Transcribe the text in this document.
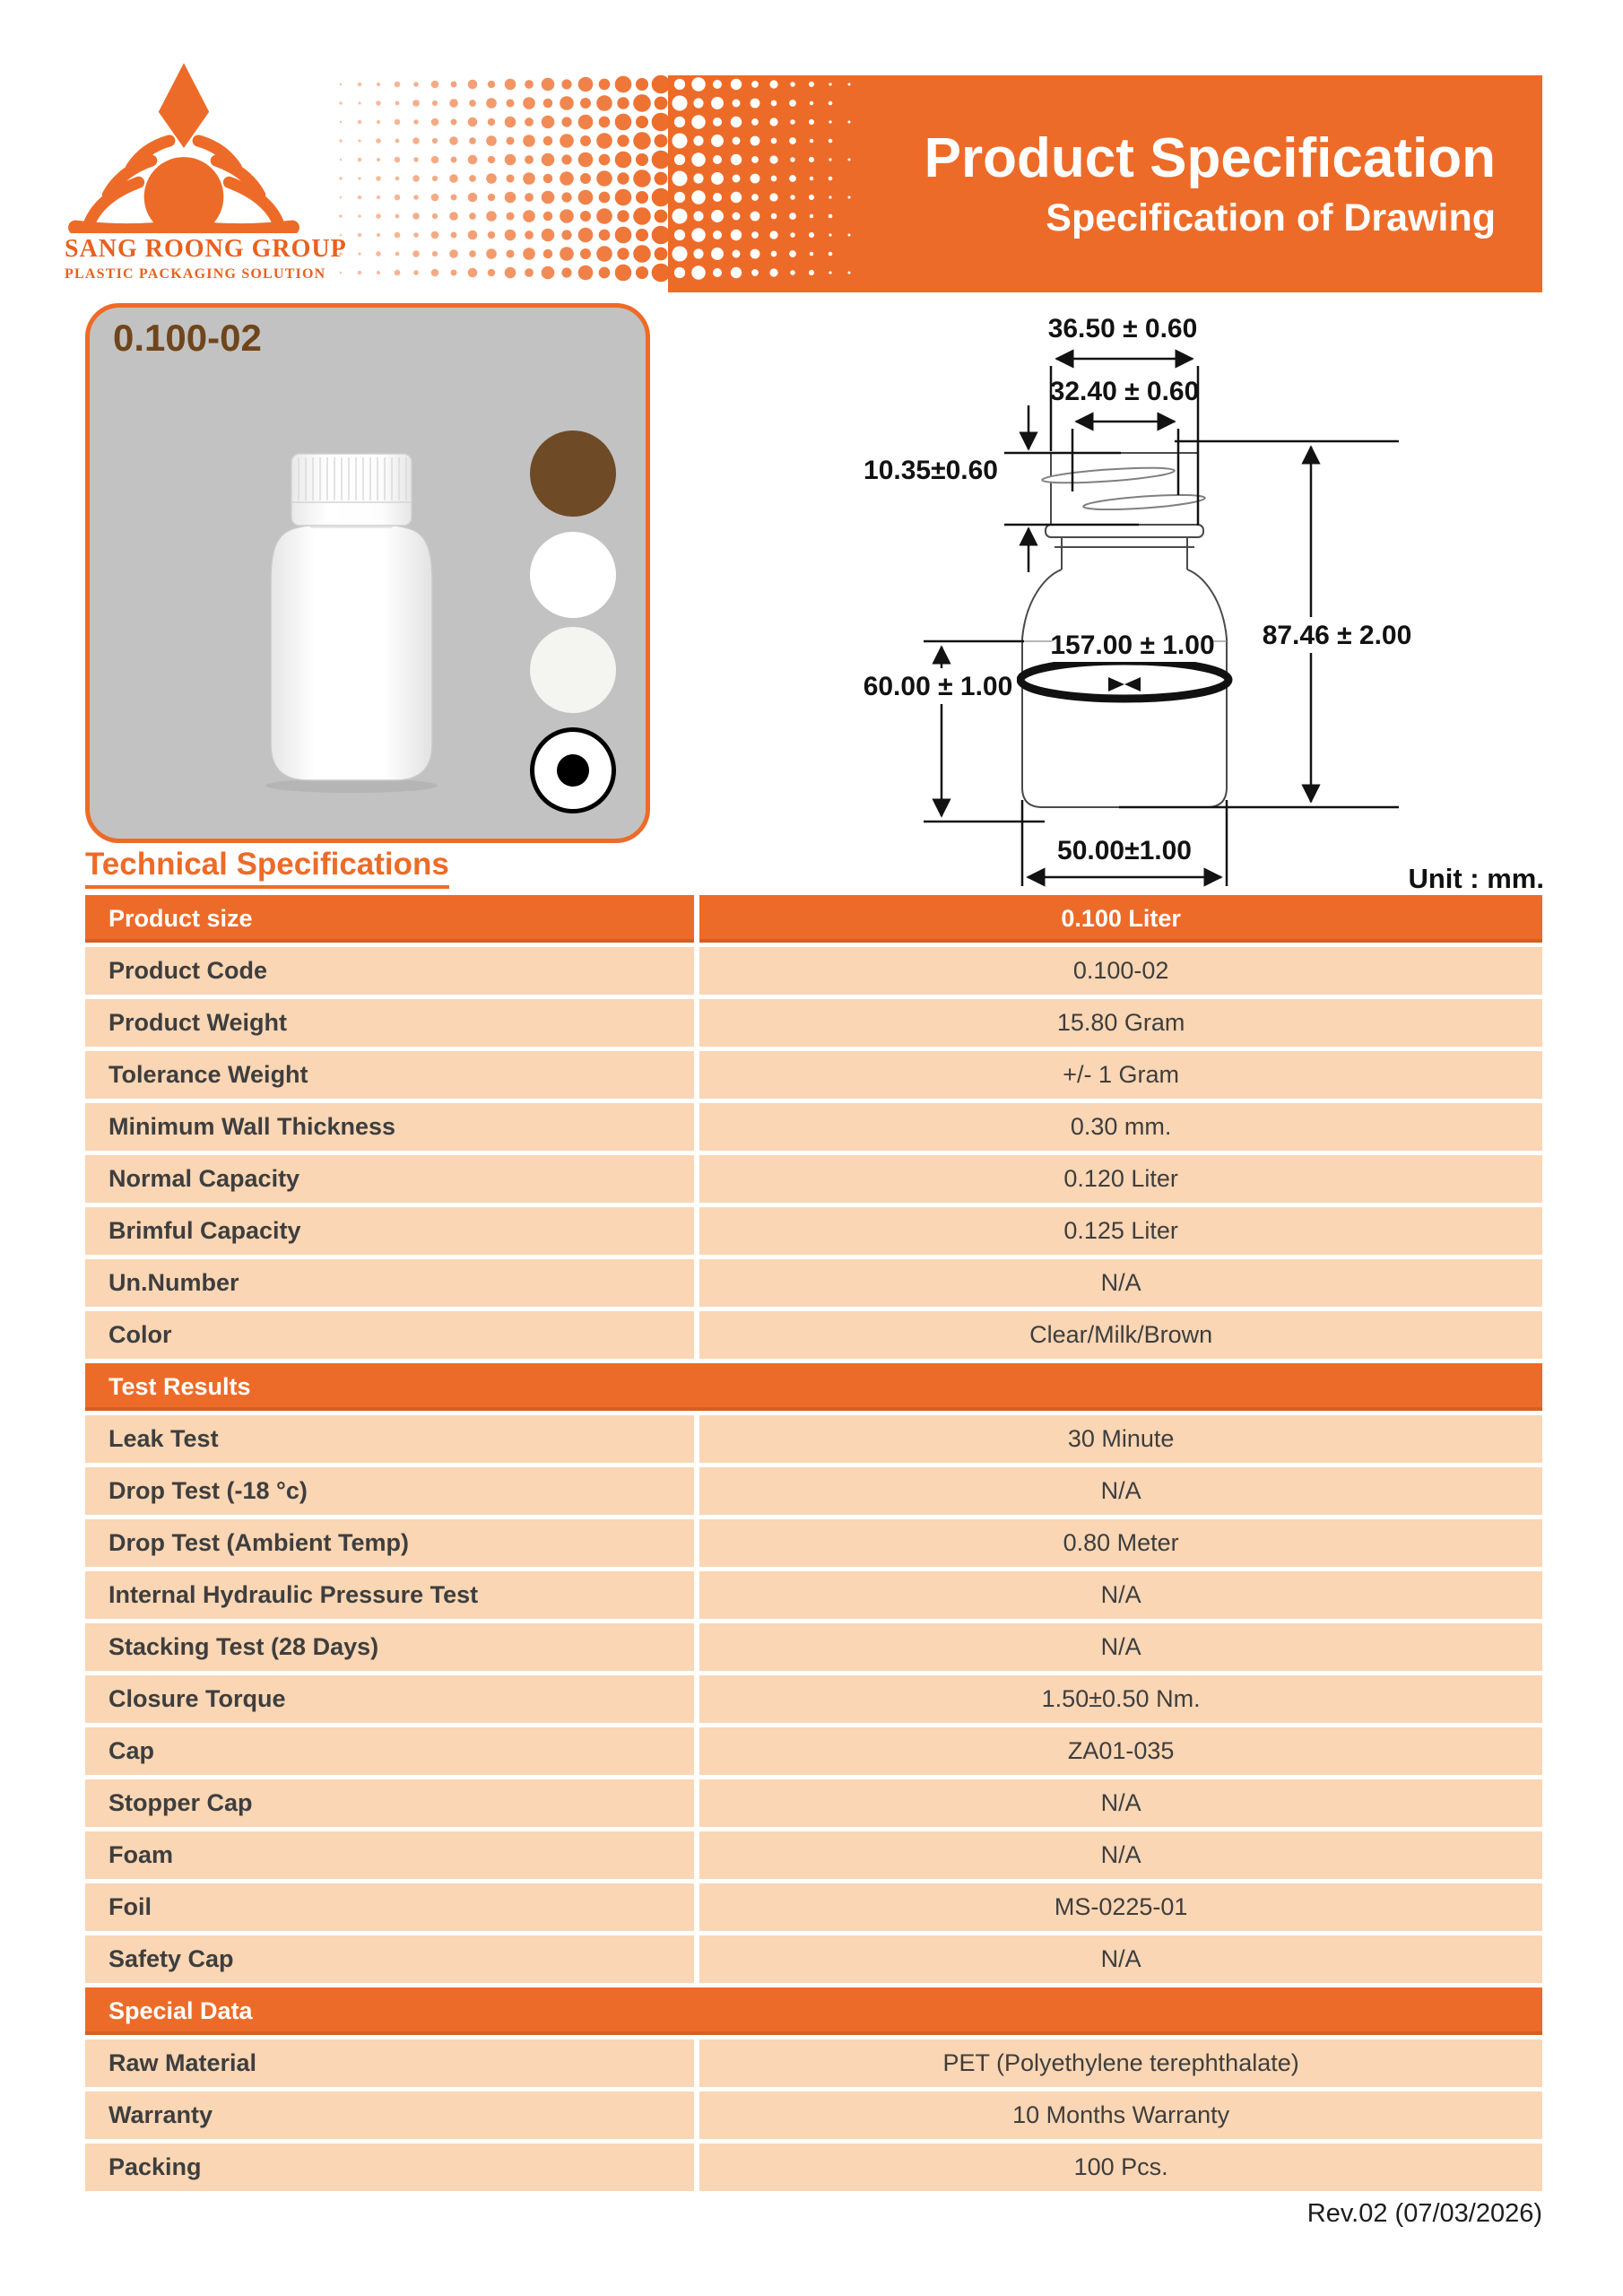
SANG ROONG GROUP
PLASTIC PACKAGING SOLUTION
Product Specification
Specification of Drawing
0.100-02	36.50 ± 0.60
32.40 ± 0.60
10.35±0.60
157.00 ± 1.00 87.46 ± 2.00
60.00 ± 1.00
50.00±1.00
Unit : mm.
Technical Specifications
Product size	0.100 Liter
Product Code	0.100-02
Product Weight	15.80 Gram
Tolerance Weight	+/- 1 Gram
Minimum Wall Thickness	0.30 mm.
Normal Capacity	0.120 Liter
Brimful Capacity	0.125 Liter
Un.Number	N/A
Color	Clear/Milk/Brown
Test Results
Leak Test	30 Minute
Drop Test (-18 °c)	N/A
Drop Test (Ambient Temp)	0.80 Meter
Internal Hydraulic Pressure Test	N/A
Stacking Test (28 Days)	N/A
Closure Torque	1.50±0.50 Nm.
Cap	ZA01-035
Stopper Cap	N/A
Foam	N/A
Foil	MS-0225-01
Safety Cap	N/A
Special Data
Raw Material	PET (Polyethylene terephthalate)
Warranty	10 Months Warranty
Packing	100 Pcs.
Rev.02 (07/03/2026)
